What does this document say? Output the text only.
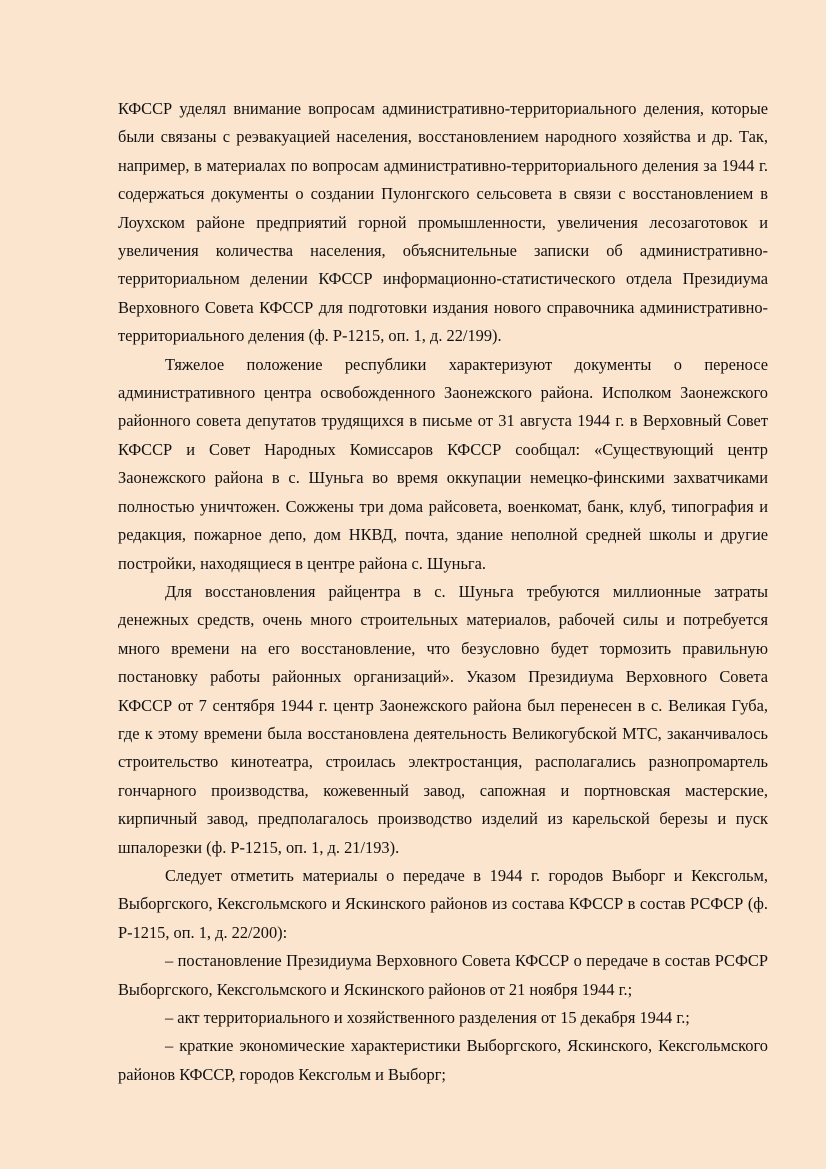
КФССР уделял внимание вопросам административно-территориального деления, которые были связаны с реэвакуацией населения, восстановлением народного хозяйства и др. Так, например, в материалах по вопросам административно-территориального деления за 1944 г. содержаться документы о создании Пулонгского сельсовета в связи с восстановлением в Лоухском районе предприятий горной промышленности, увеличения лесозаготовок и увеличения количества населения, объяснительные записки об административно-территориальном делении КФССР информационно-статистического отдела Президиума Верховного Совета КФССР для подготовки издания нового справочника административно-территориального деления (ф. Р-1215, оп. 1, д. 22/199).

Тяжелое положение республики характеризуют документы о переносе административного центра освобожденного Заонежского района. Исполком Заонежского районного совета депутатов трудящихся в письме от 31 августа 1944 г. в Верховный Совет КФССР и Совет Народных Комиссаров КФССР сообщал: «Существующий центр Заонежского района в с. Шуньга во время оккупации немецко-финскими захватчиками полностью уничтожен. Сожжены три дома райсовета, военкомат, банк, клуб, типография и редакция, пожарное депо, дом НКВД, почта, здание неполной средней школы и другие постройки, находящиеся в центре района с. Шуньга.

Для восстановления райцентра в с. Шуньга требуются миллионные затраты денежных средств, очень много строительных материалов, рабочей силы и потребуется много времени на его восстановление, что безусловно будет тормозить правильную постановку работы районных организаций». Указом Президиума Верховного Совета КФССР от 7 сентября 1944 г. центр Заонежского района был перенесен в с. Великая Губа, где к этому времени была восстановлена деятельность Великогубской МТС, заканчивалось строительство кинотеатра, строилась электростанция, располагались разнопромартель гончарного производства, кожевенный завод, сапожная и портновская мастерские, кирпичный завод, предполагалось производство изделий из карельской березы и пуск шпалорезки (ф. Р-1215, оп. 1, д. 21/193).

Следует отметить материалы о передаче в 1944 г. городов Выборг и Кексгольм, Выборгского, Кексгольмского и Яскинского районов из состава КФССР в состав РСФСР (ф. Р-1215, оп. 1, д. 22/200):

– постановление Президиума Верховного Совета КФССР о передаче в состав РСФСР Выборгского, Кексгольмского и Яскинского районов от 21 ноября 1944 г.;

– акт территориального и хозяйственного разделения от 15 декабря 1944 г.;

– краткие экономические характеристики Выборгского, Яскинского, Кексгольмского районов КФССР, городов Кексгольм и Выборг;
